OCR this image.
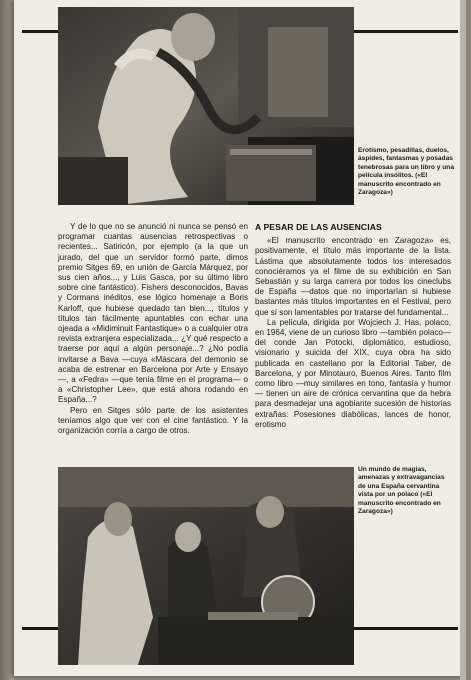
Erotismo, pesadillas, duelos, áspides, fantasmas y posadas tenebrosas para un libro y una película insólitos. («El manuscrito encontrado en Zaragoza»)

Y de lo que no se anunció ni nunca se pensó en programar cuantas ausencias retrospectivas o recientes... Satiricón, por ejemplo (a la que un jurado, del que un servidor formó parte, dimos premio Sitges 69, en unión de García Márquez, por sus cien años..., y Luis Gasca, por su último libro sobre cine fantástico). Fishers desconocidos, Bavas y Cormans inéditos, ese lógico homenaje a Boris Karloff, que hubiese quedado tan bien..., títulos y títulos tan fácilmente apuntables con echar una ojeada a «Midiminuit Fantastique» o a cualquier otra revista extranjera especializada... ¿Y qué respecto a traerse por aquí a algún personaje...? ¿No podía invitarse a Bava —cuya «Máscara del demonio se acaba de estrenar en Barcelona por Arte y Ensayo—, a «Fedra» —que tenía filme en el programa— o a «Christopher Lee», que está ahora rodando en España...?

Pero en Sitges sólo parte de los asistentes teníamos algo que ver con el cine fantástico. Y la organización corría a cargo de otros.

A PESAR DE LAS AUSENCIAS

«El manuscrito encontrado en Zaragoza» es, positivamente, el título más importante de la lista. Lástima que absolutamente todos los interesados conociéramos ya el filme de su exhibición en San Sebastián y su larga carrera por todos los cineclubs de España —datos que no importarían si hubiese bastantes más títulos importantes en el Festival, pero que sí son lamentables por tratarse del fundamental...

La película, dirigida por Wojciech J. Has, polaco, en 1964, viene de un curioso libro —también polaco— del conde Jan Potocki, diplomático, estudioso, visionario y suicida del XIX, cuya obra ha sido publicada en castellano por la Editorial Taber, de Barcelona, y por Minotauro, Buenos Aires. Tanto film como libro —muy similares en tono, fantasía y humor— tienen un aire de crónica cervantina que da hebra para desmadejar una agobiante sucesión de historias extrañas: Posesiones diabólicas, lances de honor, erotismo

Un mundo de magias, amenazas y extravagancias de una España cervantina vista por un polaco («El manuscrito encontrado en Zaragoza»)
